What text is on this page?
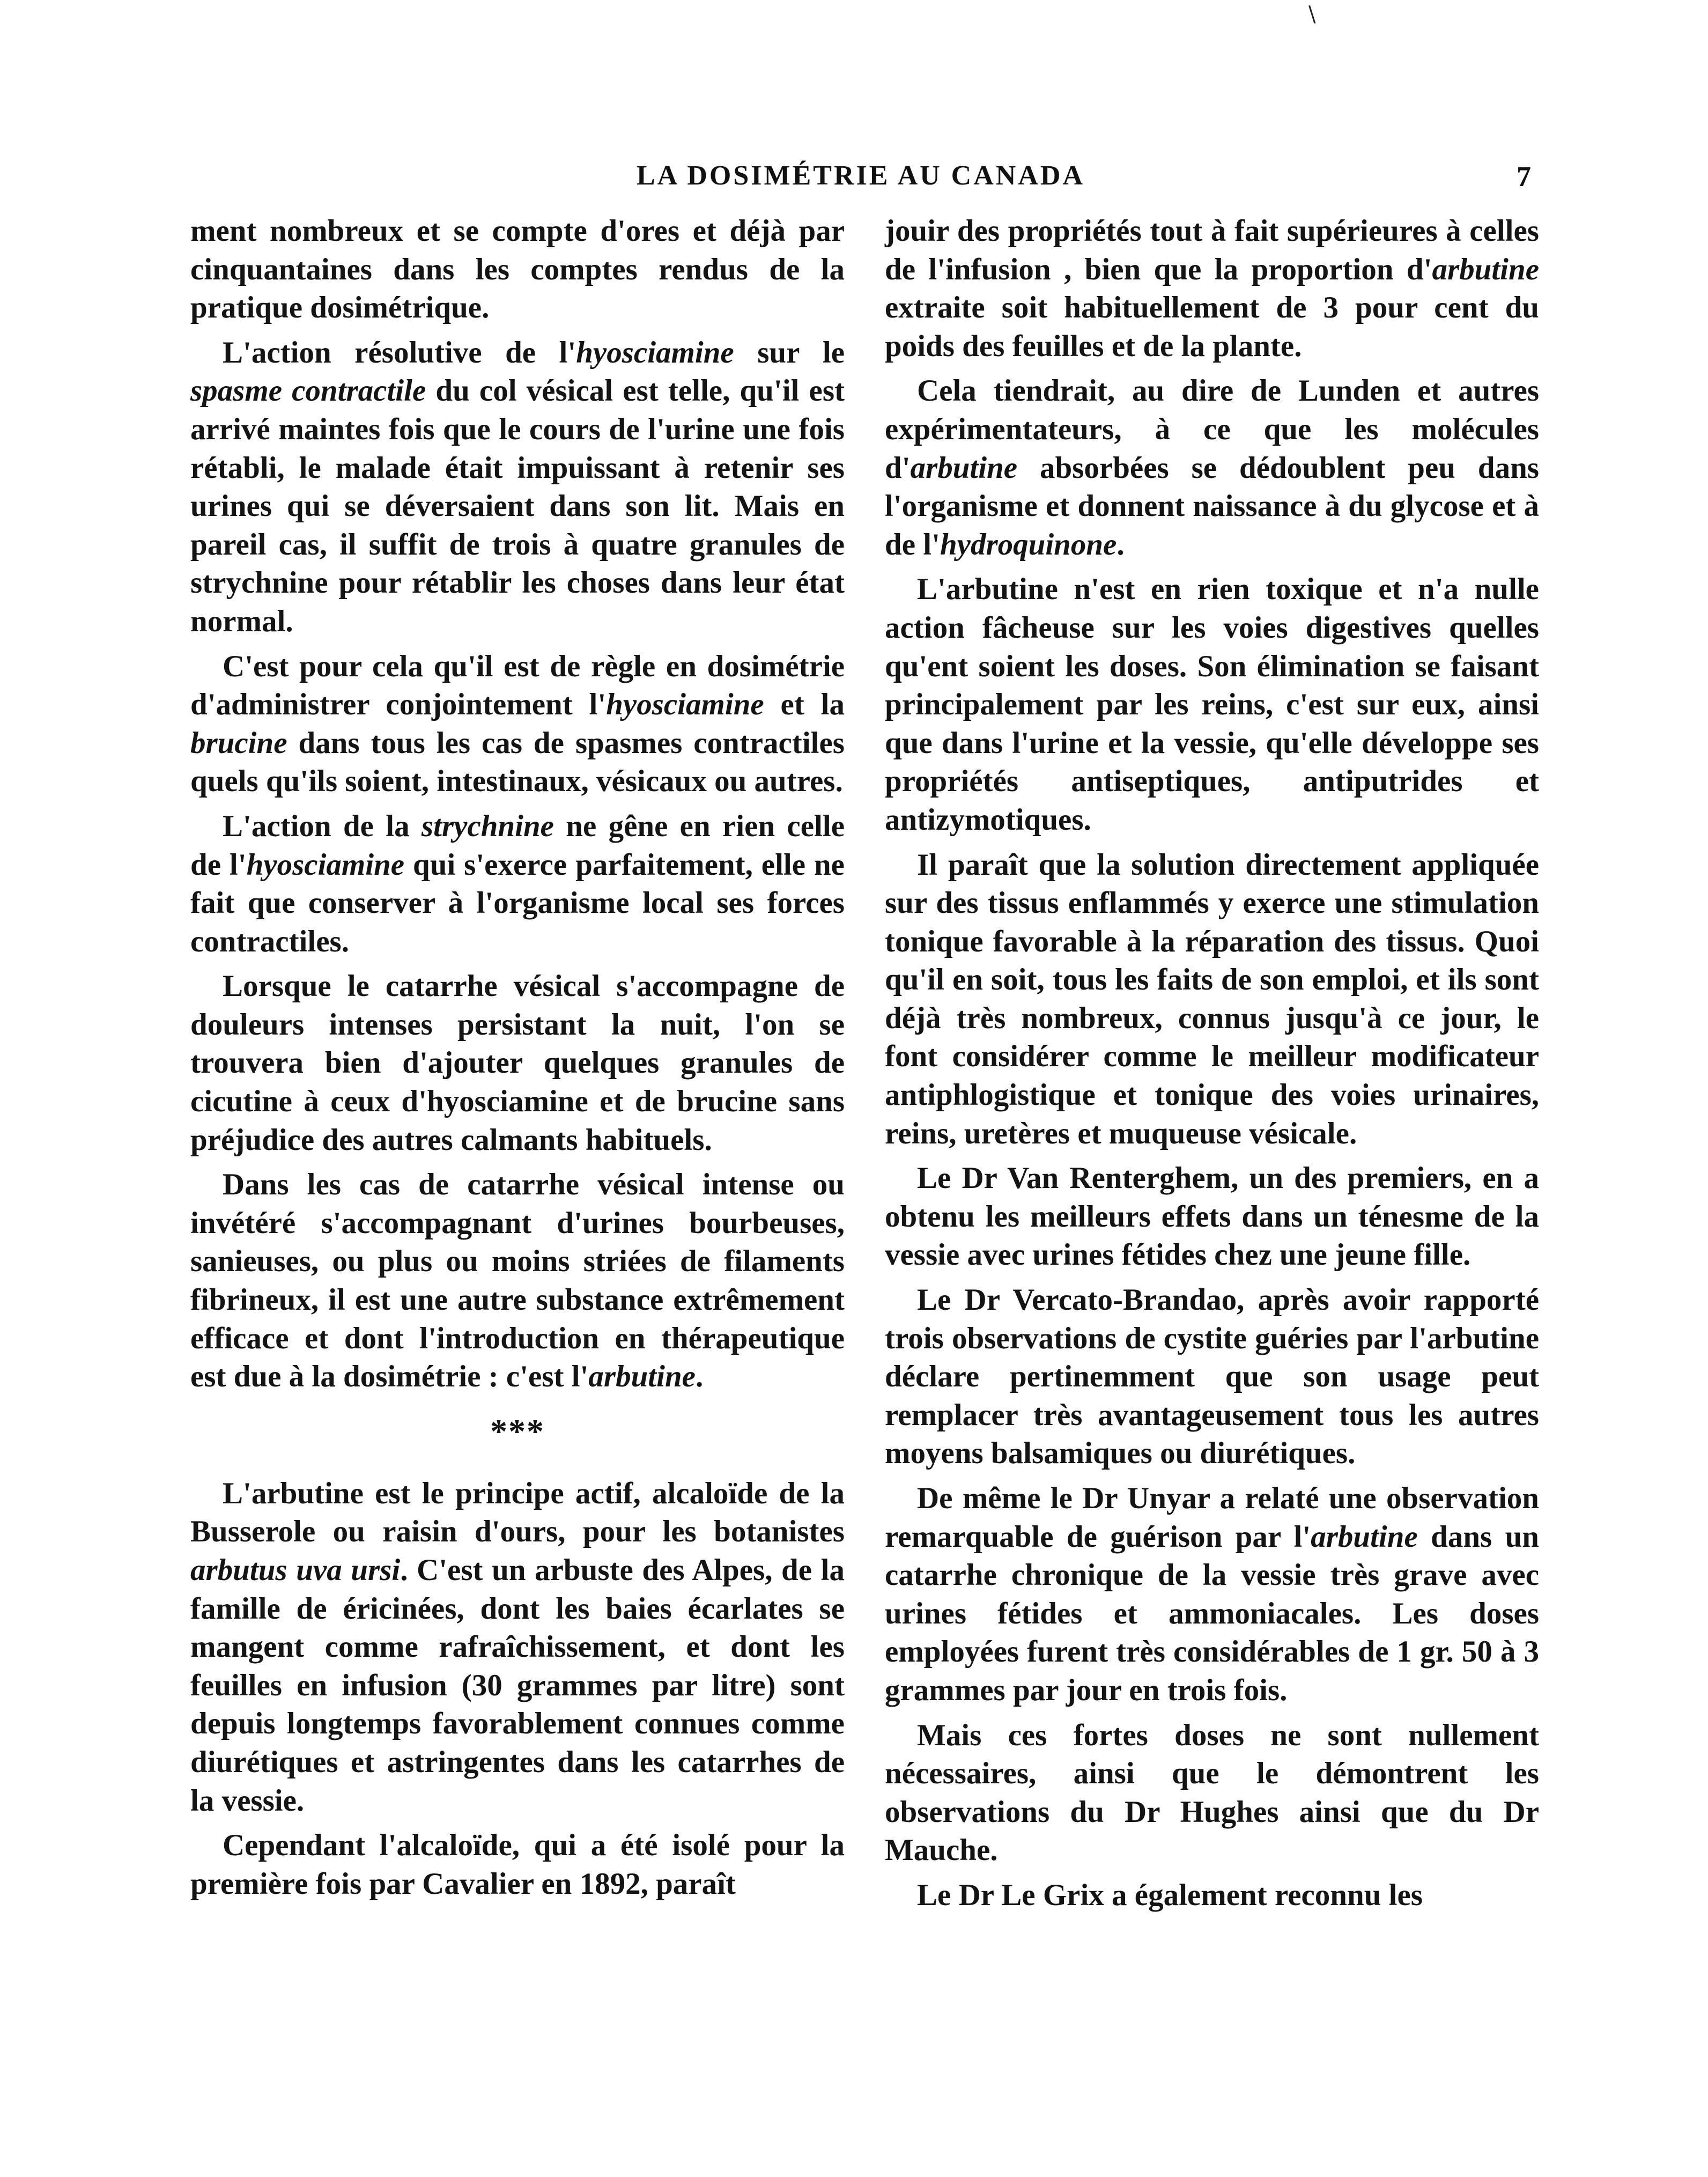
\
LA DOSIMÉTRIE AU CANADA	7

ment nombreux et se compte d'ores et déjà par cinquantaines dans les comptes rendus de la pratique dosimétrique.

L'action résolutive de l'hyosciamine sur le spasme contractile du col vésical est telle, qu'il est arrivé maintes fois que le cours de l'urine une fois rétabli, le malade était impuissant à retenir ses urines qui se déversaient dans son lit. Mais en pareil cas, il suffit de trois à quatre granules de strychnine pour rétablir les choses dans leur état normal.

C'est pour cela qu'il est de règle en dosimétrie d'administrer conjointement l'hyosciamine et la brucine dans tous les cas de spasmes contractiles quels qu'ils soient, intestinaux, vésicaux ou autres.

L'action de la strychnine ne gêne en rien celle de l'hyosciamine qui s'exerce parfaitement, elle ne fait que conserver à l'organisme local ses forces contractiles.

Lorsque le catarrhe vésical s'accompagne de douleurs intenses persistant la nuit, l'on se trouvera bien d'ajouter quelques granules de cicutine à ceux d'hyosciamine et de brucine sans préjudice des autres calmants habituels.

Dans les cas de catarrhe vésical intense ou invétéré s'accompagnant d'urines bourbeuses, sanieuses, ou plus ou moins striées de filaments fibrineux, il est une autre substance extrêmement efficace et dont l'introduction en thérapeutique est due à la dosimétrie : c'est l'arbutine.

***

L'arbutine est le principe actif, alcaloïde de la Busserole ou raisin d'ours, pour les botanistes arbutus uva ursi. C'est un arbuste des Alpes, de la famille de éricinées, dont les baies écarlates se mangent comme rafraîchissement, et dont les feuilles en infusion (30 grammes par litre) sont depuis longtemps favorablement connues comme diurétiques et astringentes dans les catarrhes de la vessie.

Cependant l'alcaloïde, qui a été isolé pour la première fois par Cavalier en 1892, paraît

jouir des propriétés tout à fait supérieures à celles de l'infusion , bien que la proportion d'arbutine extraite soit habituellement de 3 pour cent du poids des feuilles et de la plante.

Cela tiendrait, au dire de Lunden et autres expérimentateurs, à ce que les molécules d'arbutine absorbées se dédoublent peu dans l'organisme et donnent naissance à du glycose et à de l'hydroquinone.

L'arbutine n'est en rien toxique et n'a nulle action fâcheuse sur les voies digestives quelles qu'ent soient les doses. Son élimination se faisant principalement par les reins, c'est sur eux, ainsi que dans l'urine et la vessie, qu'elle développe ses propriétés antiseptiques, antiputrides et antizymotiques.

Il paraît que la solution directement appliquée sur des tissus enflammés y exerce une stimulation tonique favorable à la réparation des tissus. Quoi qu'il en soit, tous les faits de son emploi, et ils sont déjà très nombreux, connus jusqu'à ce jour, le font considérer comme le meilleur modificateur antiphlogistique et tonique des voies urinaires, reins, uretères et muqueuse vésicale.

Le Dr Van Renterghem, un des premiers, en a obtenu les meilleurs effets dans un ténesme de la vessie avec urines fétides chez une jeune fille.

Le Dr Vercato-Brandao, après avoir rapporté trois observations de cystite guéries par l'arbutine déclare pertinemment que son usage peut remplacer très avantageusement tous les autres moyens balsamiques ou diurétiques.

De même le Dr Unyar a relaté une observation remarquable de guérison par l'arbutine dans un catarrhe chronique de la vessie très grave avec urines fétides et ammoniacales. Les doses employées furent très considérables de 1 gr. 50 à 3 grammes par jour en trois fois.

Mais ces fortes doses ne sont nullement nécessaires, ainsi que le démontrent les observations du Dr Hughes ainsi que du Dr Mauche.

Le Dr Le Grix a également reconnu les
